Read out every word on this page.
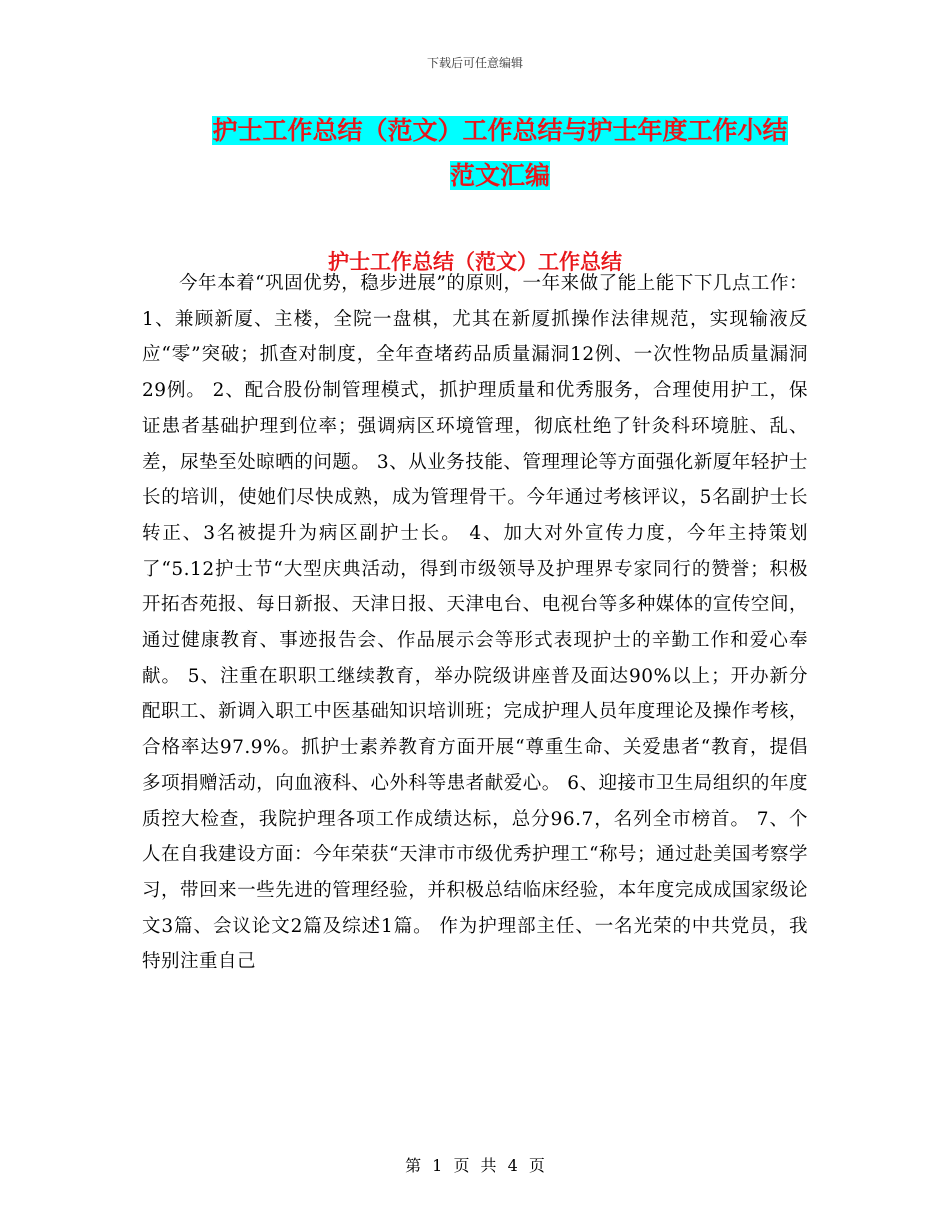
下载后可任意编辑
护士工作总结（范文）工作总结与护士年度工作小结
范文汇编
护士工作总结（范文）工作总结
今年本着“巩固优势，稳步进展”的原则，一年来做了能上能下下几点工作：1、兼顾新厦、主楼，全院一盘棋，尤其在新厦抓操作法律规范，实现输液反应“零”突破；抓查对制度，全年查堵药品质量漏洞12例、一次性物品质量漏洞29例。 2、配合股份制管理模式，抓护理质量和优秀服务，合理使用护工，保证患者基础护理到位率；强调病区环境管理，彻底杜绝了针灸科环境脏、乱、差，尿垫至处晾晒的问题。 3、从业务技能、管理理论等方面强化新厦年轻护士长的培训，使她们尽快成熟，成为管理骨干。今年通过考核评议，5名副护士长转正、3名被提升为病区副护士长。 4、加大对外宣传力度，今年主持策划了“5.12护士节“大型庆典活动，得到市级领导及护理界专家同行的赞誉；积极开拓杏苑报、每日新报、天津日报、天津电台、电视台等多种媒体的宣传空间，通过健康教育、事迹报告会、作品展示会等形式表现护士的辛勤工作和爱心奉献。 5、注重在职职工继续教育，举办院级讲座普及面达90%以上；开办新分配职工、新调入职工中医基础知识培训班；完成护理人员年度理论及操作考核，合格率达97.9%。抓护士素养教育方面开展“尊重生命、关爱患者“教育，提倡多项捐赠活动，向血液科、心外科等患者献爱心。 6、迎接市卫生局组织的年度质控大检查，我院护理各项工作成绩达标，总分96.7，名列全市榜首。 7、个人在自我建设方面：今年荣获“天津市市级优秀护理工“称号；通过赴美国考察学习，带回来一些先进的管理经验，并积极总结临床经验，本年度完成成国家级论文3篇、会议论文2篇及综述1篇。 作为护理部主任、一名光荣的中共党员，我特别注重自己
第 1 页 共 4 页
